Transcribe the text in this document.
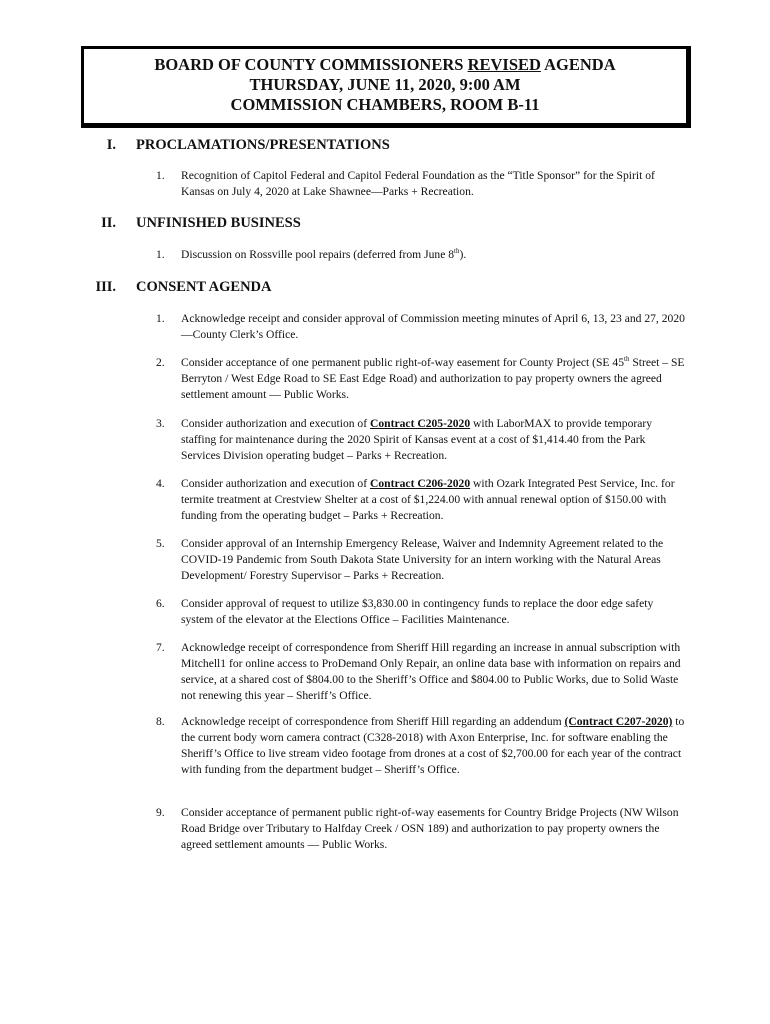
BOARD OF COUNTY COMMISSIONERS REVISED AGENDA
THURSDAY, JUNE 11, 2020, 9:00 AM
COMMISSION CHAMBERS, ROOM B-11
I. PROCLAMATIONS/PRESENTATIONS
1.	Recognition of Capitol Federal and Capitol Federal Foundation as the “Title Sponsor” for the Spirit of Kansas on July 4, 2020 at Lake Shawnee—Parks + Recreation.
II. UNFINISHED BUSINESS
1.	Discussion on Rossville pool repairs (deferred from June 8th).
III. CONSENT AGENDA
1.	Acknowledge receipt and consider approval of Commission meeting minutes of April 6, 13, 23 and 27, 2020—County Clerk’s Office.
2.	Consider acceptance of one permanent public right-of-way easement for County Project (SE 45th Street – SE Berryton / West Edge Road to SE East Edge Road) and authorization to pay property owners the agreed settlement amount — Public Works.
3.	Consider authorization and execution of Contract C205-2020 with LaborMAX to provide temporary staffing for maintenance during the 2020 Spirit of Kansas event at a cost of $1,414.40 from the Park Services Division operating budget – Parks + Recreation.
4.	Consider authorization and execution of Contract C206-2020 with Ozark Integrated Pest Service, Inc. for termite treatment at Crestview Shelter at a cost of $1,224.00 with annual renewal option of $150.00 with funding from the operating budget – Parks + Recreation.
5.	Consider approval of an Internship Emergency Release, Waiver and Indemnity Agreement related to the COVID-19 Pandemic from South Dakota State University for an intern working with the Natural Areas Development/ Forestry Supervisor – Parks + Recreation.
6.	Consider approval of request to utilize $3,830.00 in contingency funds to replace the door edge safety system of the elevator at the Elections Office – Facilities Maintenance.
7.	Acknowledge receipt of correspondence from Sheriff Hill regarding an increase in annual subscription with Mitchell1 for online access to ProDemand Only Repair, an online data base with information on repairs and service, at a shared cost of $804.00 to the Sheriff’s Office and $804.00 to Public Works, due to Solid Waste not renewing this year – Sheriff’s Office.
8.	Acknowledge receipt of correspondence from Sheriff Hill regarding an addendum (Contract C207-2020) to the current body worn camera contract (C328-2018) with Axon Enterprise, Inc. for software enabling the Sheriff’s Office to live stream video footage from drones at a cost of $2,700.00 for each year of the contract with funding from the department budget – Sheriff’s Office.
9.	Consider acceptance of permanent public right-of-way easements for Country Bridge Projects (NW Wilson Road Bridge over Tributary to Halfday Creek / OSN 189) and authorization to pay property owners the agreed settlement amounts — Public Works.
